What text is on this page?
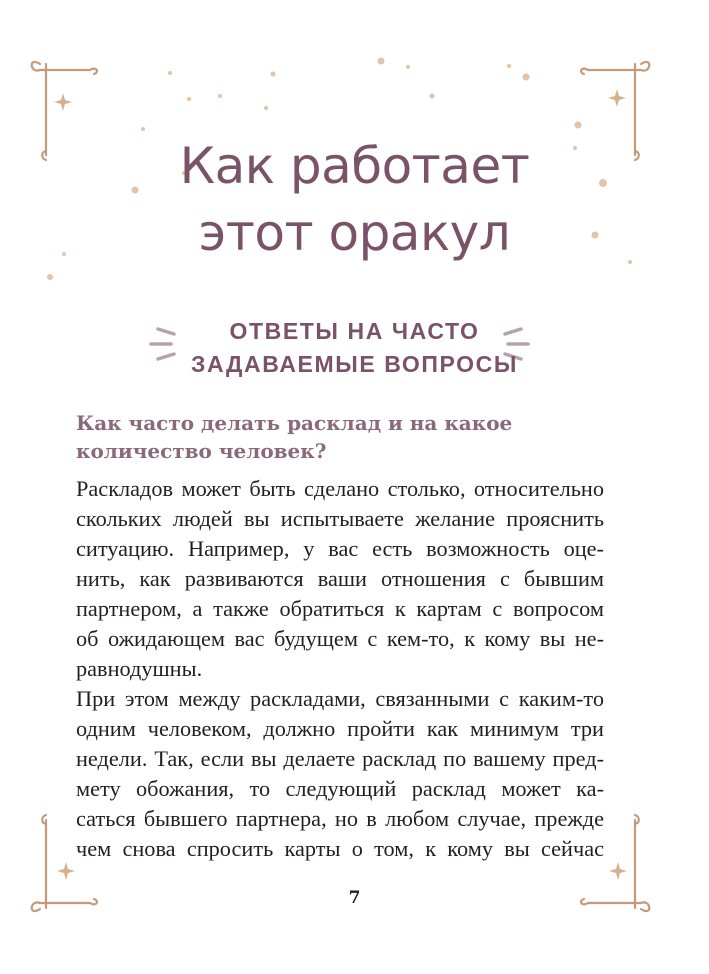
Как работает
этот оракул
ОТВЕТЫ НА ЧАСТО
ЗАДАВАЕМЫЕ ВОПРОСЫ
Как часто делать расклад и на какое количество человек?
Раскладов может быть сделано столько, относительно
скольких людей вы испытываете желание прояснить
ситуацию. Например, у вас есть возможность оце-
нить, как развиваются ваши отношения с бывшим
партнером, а также обратиться к картам с вопросом
об ожидающем вас будущем с кем-то, к кому вы не-
равнодушны.
При этом между раскладами, связанными с каким-то
одним человеком, должно пройти как минимум три
недели. Так, если вы делаете расклад по вашему пред-
мету обожания, то следующий расклад может ка-
саться бывшего партнера, но в любом случае, прежде
чем снова спросить карты о том, к кому вы сейчас
7
